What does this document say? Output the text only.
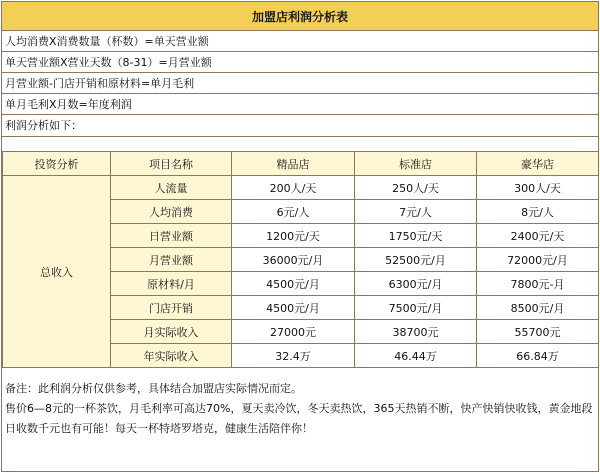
加盟店利润分析表
人均消费X消费数量（杯数）=单天营业额
单天营业额X营业天数（8-31）=月营业额
月营业额-门店开销和原材料=单月毛利
单月毛利X月数=年度利润
利润分析如下：
投资分析	项目名称	精品店	标准店	豪华店
总收入	人流量	200人/天	250人/天	300人/天
	人均消费	6元/人	7元/人	8元/人
	日营业额	1200元/天	1750元/天	2400元/天
	月营业额	36000元/月	52500元/月	72000元/月
	原材料/月	4500元/月	6300元/月	7800元-月
	门店开销	4500元/月	7500元/月	8500元/月
	月实际收入	27000元	38700元	55700元
	年实际收入	32.4万	46.44万	66.84万
备注：此利润分析仅供参考，具体结合加盟店实际情况而定。
售价6—8元的一杯茶饮，月毛利率可高达70%，夏天卖冷饮，冬天卖热饮，365天热销不断，快产快销快收钱，黄金地段
日收数千元也有可能！每天一杯特塔罗塔克，健康生活陪伴你！
